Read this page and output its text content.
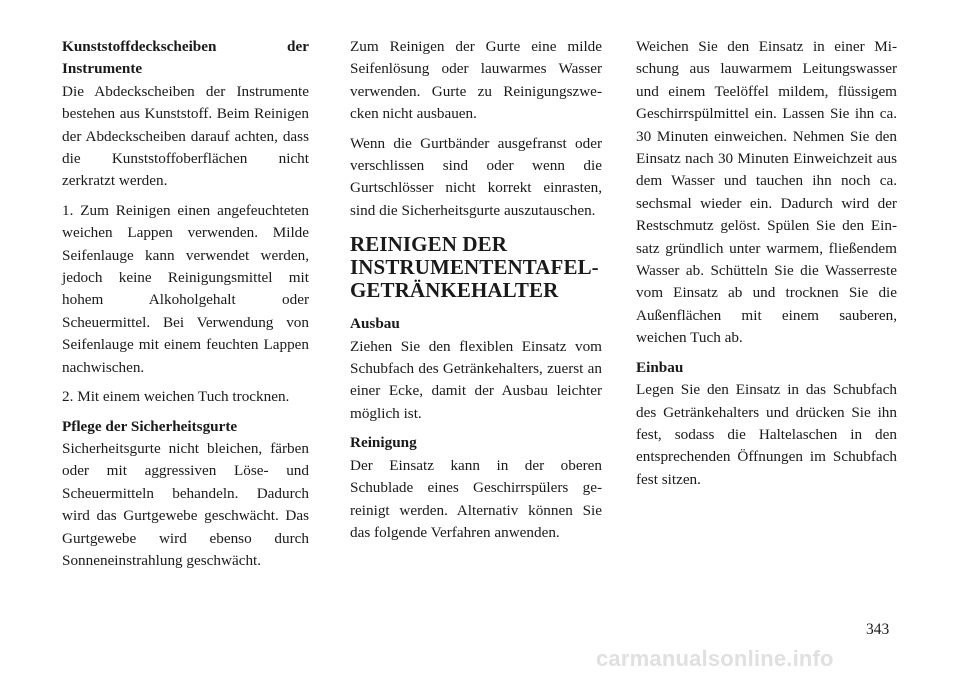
Kunststoffdeckscheiben der Instrumente
Die Abdeckscheiben der Instrumente bestehen aus Kunststoff. Beim Reinigen der Abdeckscheiben darauf achten, dass die Kunststoffoberflächen nicht zerkratzt werden.

1. Zum Reinigen einen angefeuchteten weichen Lappen verwenden. Milde Seifenlauge kann verwendet werden, jedoch keine Reinigungsmittel mit hohem Alkoholgehalt oder Scheuermittel. Bei Verwendung von Seifenlauge mit einem feuchten Lappen nachwischen.

2. Mit einem weichen Tuch trocknen.

Pflege der Sicherheitsgurte
Sicherheitsgurte nicht bleichen, färben oder mit aggressiven Löse- und Scheuermitteln behandeln. Dadurch wird das Gurtgewebe geschwächt. Das Gurtgewebe wird ebenso durch Sonneneinstrahlung geschwächt.

Zum Reinigen der Gurte eine milde Seifenlösung oder lauwarmes Wasser verwenden. Gurte zu Reinigungszwecken nicht ausbauen.

Wenn die Gurtbänder ausgefranst oder verschlissen sind oder wenn die Gurtschlösser nicht korrekt einrasten, sind die Sicherheitsgurte auszutauschen.

REINIGEN DER
INSTRUMENTENTAFEL-
GETRÄNKEHALTER

Ausbau
Ziehen Sie den flexiblen Einsatz vom Schubfach des Getränkehalters, zuerst an einer Ecke, damit der Ausbau leichter möglich ist.

Reinigung
Der Einsatz kann in der oberen Schublade eines Geschirrspülers gereinigt werden. Alternativ können Sie das folgende Verfahren anwenden.

Weichen Sie den Einsatz in einer Mischung aus lauwarmem Leitungswasser und einem Teelöffel mildem, flüssigem Geschirrspülmittel ein. Lassen Sie ihn ca. 30 Minuten einweichen. Nehmen Sie den Einsatz nach 30 Minuten Einweichzeit aus dem Wasser und tauchen ihn noch ca. sechsmal wieder ein. Dadurch wird der Restschmutz gelöst. Spülen Sie den Einsatz gründlich unter warmem, fließendem Wasser ab. Schütteln Sie die Wasserreste vom Einsatz ab und trocknen Sie die Außenflächen mit einem sauberen, weichen Tuch ab.

Einbau
Legen Sie den Einsatz in das Schubfach des Getränkehalters und drücken Sie ihn fest, sodass die Haltelaschen in den entsprechenden Öffnungen im Schubfach fest sitzen.

343
carmanualsonline.info
